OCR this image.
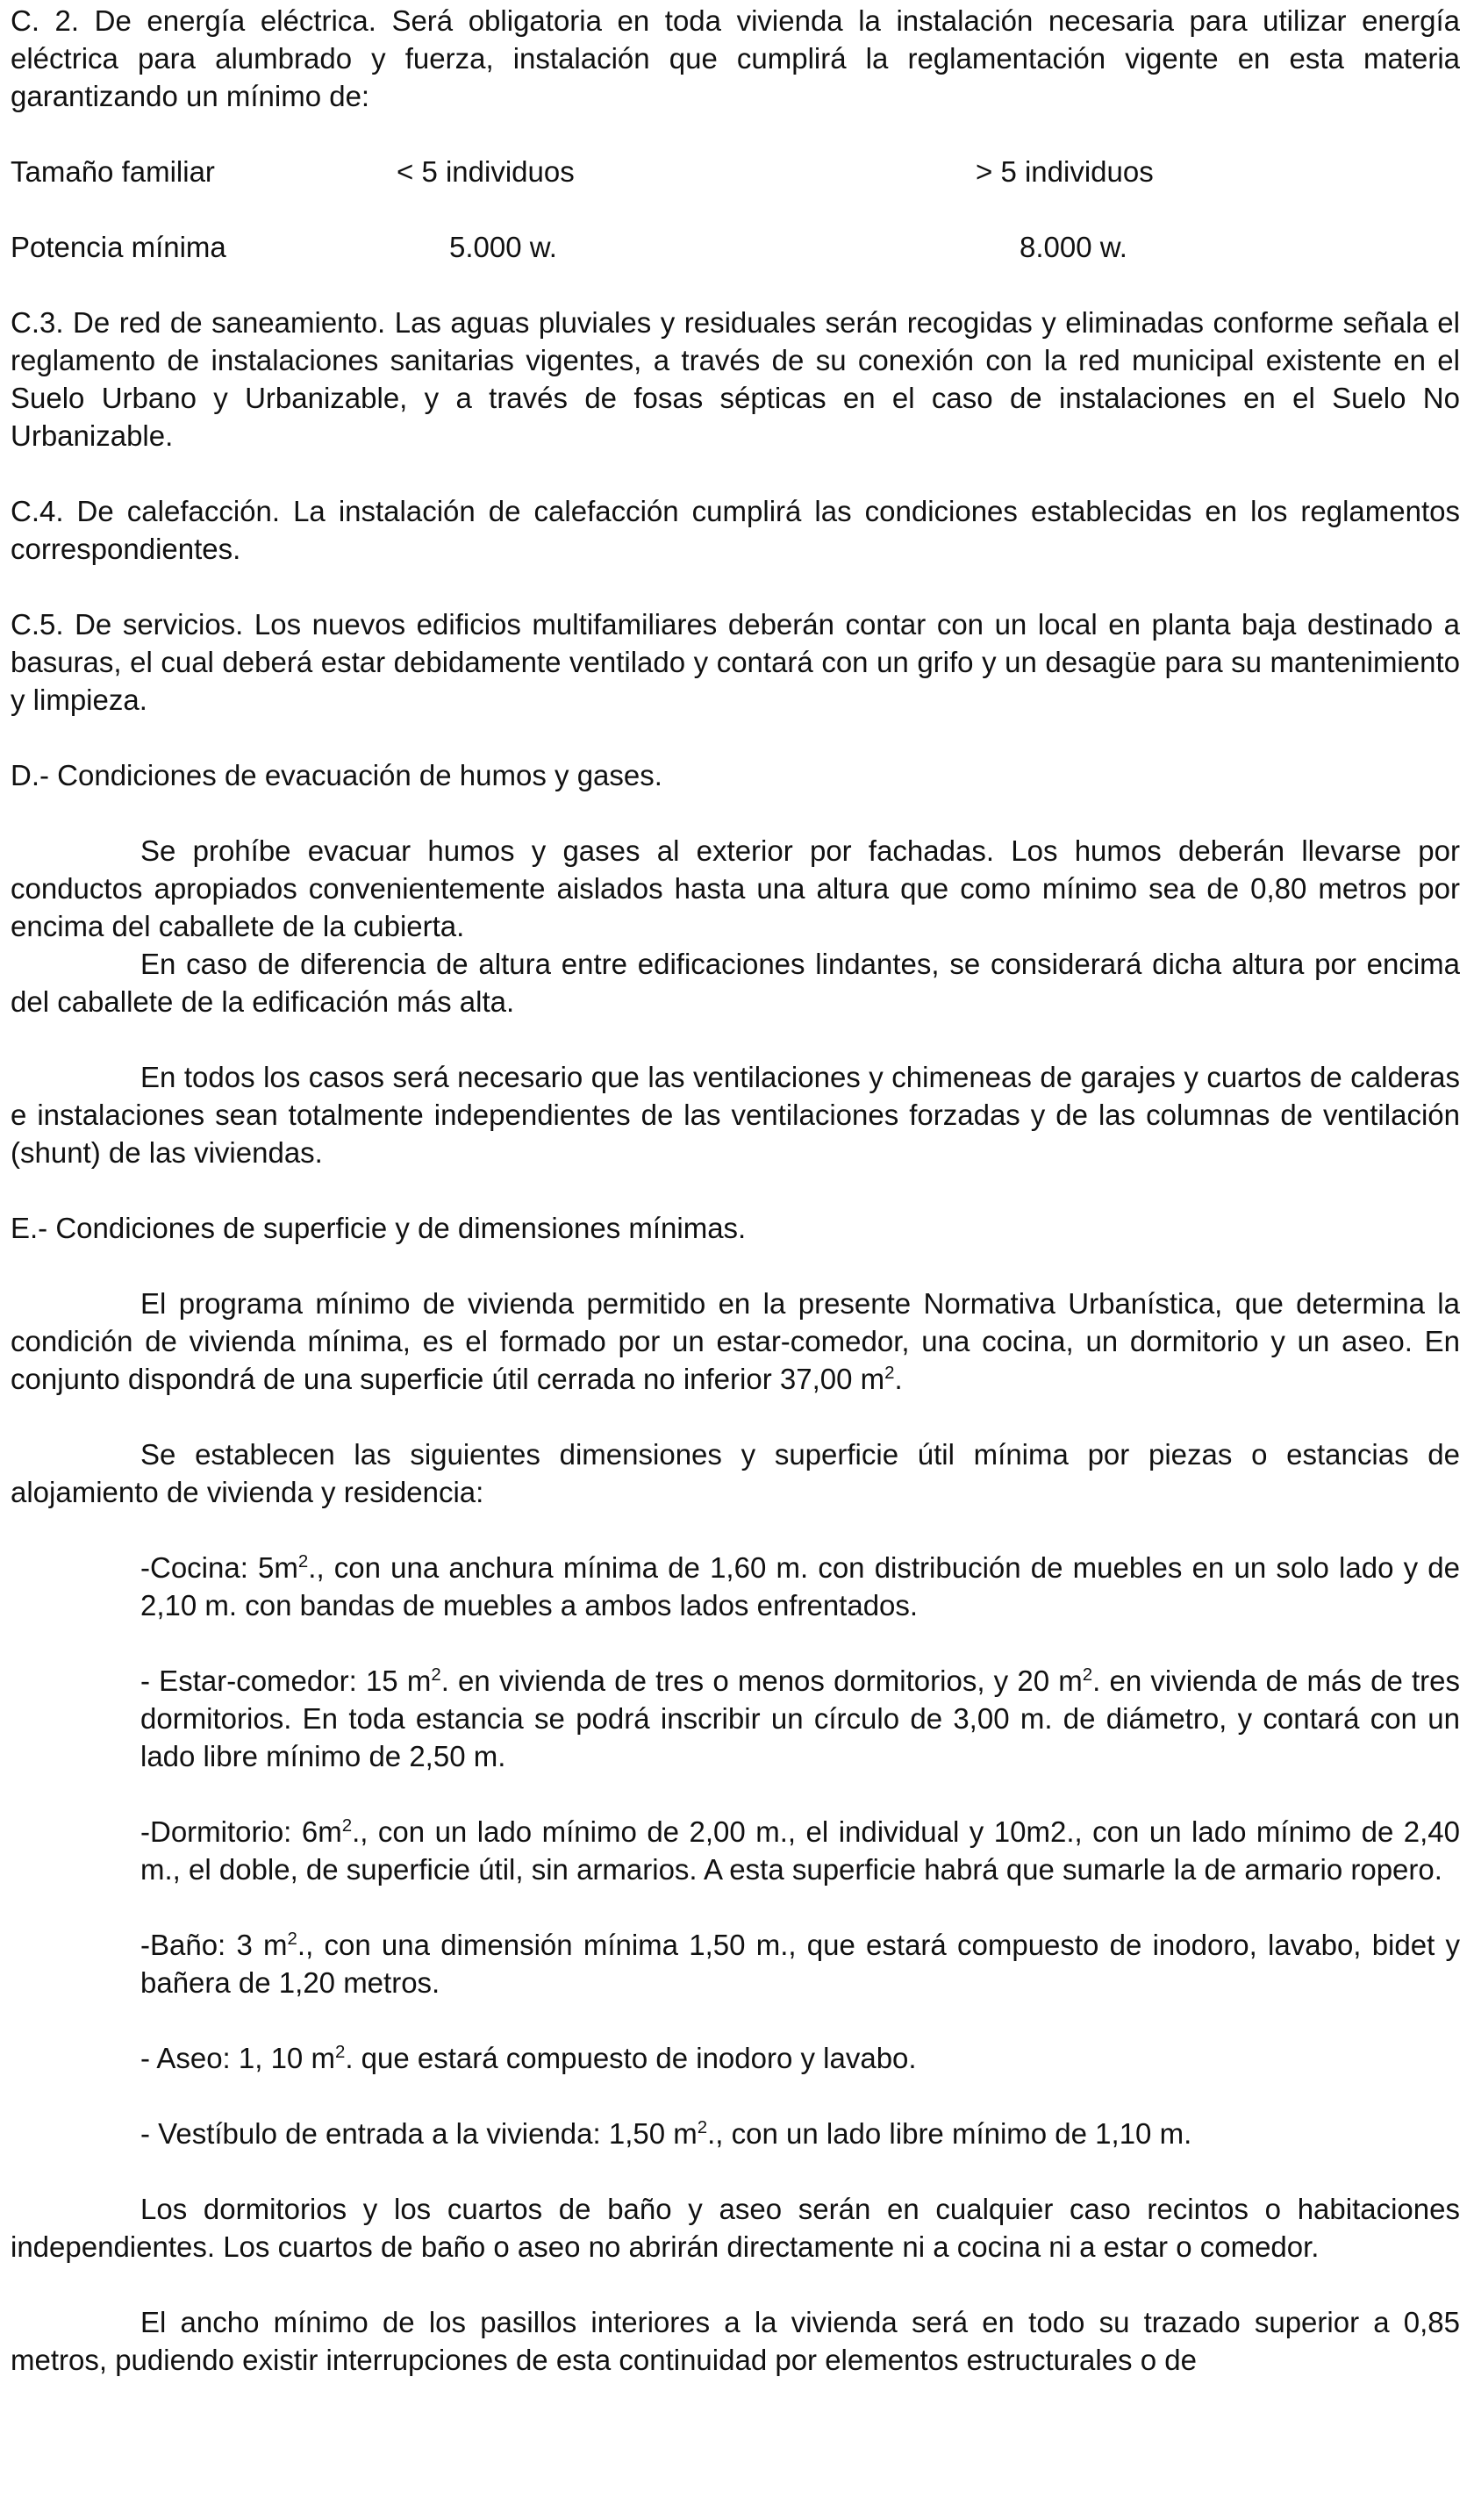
C. 2. De energía eléctrica. Será obligatoria en toda vivienda la instalación necesaria para utilizar energía eléctrica para alumbrado y fuerza, instalación que cumplirá la reglamentación vigente en esta materia garantizando un mínimo de:

Tamaño familiar	< 5 individuos	> 5 individuos
Potencia mínima	5.000 w.	8.000 w.

C.3. De red de saneamiento. Las aguas pluviales y residuales serán recogidas y eliminadas conforme señala el reglamento de instalaciones sanitarias vigentes, a través de su conexión con la red municipal existente en el Suelo Urbano y Urbanizable, y a través de fosas sépticas en el caso de instalaciones en el Suelo No Urbanizable.

C.4. De calefacción. La instalación de calefacción cumplirá las condiciones establecidas en los reglamentos correspondientes.

C.5. De servicios. Los nuevos edificios multifamiliares deberán contar con un local en planta baja destinado a basuras, el cual deberá estar debidamente ventilado y contará con un grifo y un desagüe para su mantenimiento y limpieza.

D.- Condiciones de evacuación de humos y gases.

Se prohíbe evacuar humos y gases al exterior por fachadas. Los humos deberán llevarse por conductos apropiados convenientemente aislados hasta una altura que como mínimo sea de 0,80 metros por encima del caballete de la cubierta.

En caso de diferencia de altura entre edificaciones lindantes, se considerará dicha altura por encima del caballete de la edificación más alta.

En todos los casos será necesario que las ventilaciones y chimeneas de garajes y cuartos de calderas e instalaciones sean totalmente independientes de las ventilaciones forzadas y de las columnas de ventilación (shunt) de las viviendas.

E.- Condiciones de superficie y de dimensiones mínimas.

El programa mínimo de vivienda permitido en la presente Normativa Urbanística, que determina la condición de vivienda mínima, es el formado por un estar-comedor, una cocina, un dormitorio y un aseo. En conjunto dispondrá de una superficie útil cerrada no inferior 37,00 $m^2$.

Se establecen las siguientes dimensiones y superficie útil mínima por piezas o estancias de alojamiento de vivienda y residencia:

-Cocina: $5m^2$., con una anchura mínima de 1,60 m. con distribución de muebles en un solo lado y de 2,10 m. con bandas de muebles a ambos lados enfrentados.

- Estar-comedor: 15 $m^2$. en vivienda de tres o menos dormitorios, y 20 $m^2$. en vivienda de más de tres dormitorios. En toda estancia se podrá inscribir un círculo de 3,00 m. de diámetro, y contará con un lado libre mínimo de 2,50 m.

-Dormitorio: $6m^2$., con un lado mínimo de 2,00 m., el individual y 10m2., con un lado mínimo de 2,40 m., el doble, de superficie útil, sin armarios. A esta superficie habrá que sumarle la de armario ropero.

-Baño: 3 $m^2$., con una dimensión mínima 1,50 m., que estará compuesto de inodoro, lavabo, bidet y bañera de 1,20 metros.

- Aseo: 1, 10 $m^2$. que estará compuesto de inodoro y lavabo.

- Vestíbulo de entrada a la vivienda: 1,50 $m^2$., con un lado libre mínimo de 1,10 m.

Los dormitorios y los cuartos de baño y aseo serán en cualquier caso recintos o habitaciones independientes. Los cuartos de baño o aseo no abrirán directamente ni a cocina ni a estar o comedor.

El ancho mínimo de los pasillos interiores a la vivienda será en todo su trazado superior a 0,85 metros, pudiendo existir interrupciones de esta continuidad por elementos estructurales o de
